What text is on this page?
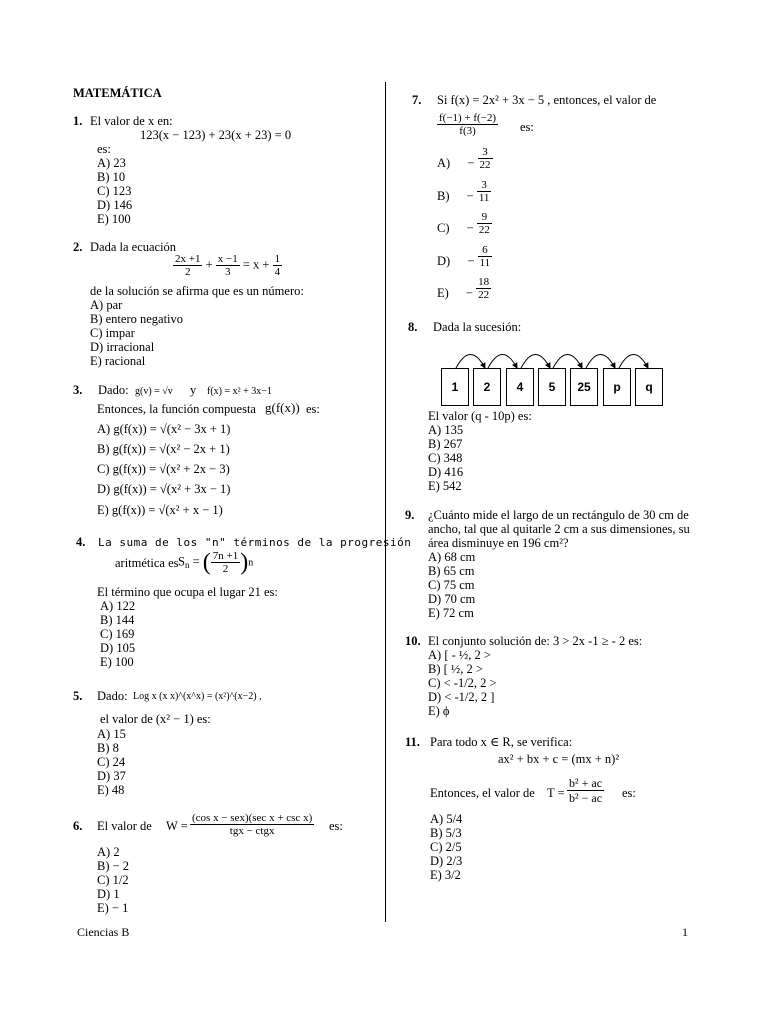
MATEMÁTICA
1. El valor de x en:
123(x − 123) + 23(x + 23) = 0
es:
A) 23
B) 10
C) 123
D) 146
E) 100
2. Dada la ecuación
$\frac{2x +1}{2} + \frac{x -1}{3} = x + \frac{1}{4}$
de la solución se afirma que es un número:
A) par
B) entero negativo
C) impar
D) irracional
E) racional
3. Dado: g(v) = √v y f(x) = x² + 3x−1
Entonces, la función compuesta g(f(x)) es:
A) g(f(x)) = √(x² − 3x + 1)
B) g(f(x)) = √(x² − 2x + 1)
C) g(f(x)) = √(x² + 2x − 3)
D) g(f(x)) = √(x² + 3x − 1)
E) g(f(x)) = √(x² + x − 1)
4. La suma de los "n" términos de la progresión
aritmética es $S_n$ = ( $\frac{7n +1}{2} )n$
El término que ocupa el lugar 21 es:
A) 122
B) 144
C) 169
D) 105
E) 100
5. Dado: Log x (x x)^(x^x) = (x²)^(x−2) ,
el valor de (x² − 1) es:
A) 15
B) 8
C) 24
D) 37
E) 48
6. El valor de $W = \frac{\text{(cos x − sex)(sec x + csc x)}}{\text{tgx − ctgx}}$ es:
A) 2
B) − 2
C) 1/2
D) 1
E) − 1
7. Si f(x) = 2x² + 3x − 5 , entonces, el valor de
$\frac{f(-1) + f(-2)}{f(3)}$ es:
$A) - \frac{3}{22}$
$B) - \frac{3}{11}$
$C) - \frac{9}{22}$
$D) - \frac{6}{11}$
$E) - \frac{18}{22}$
8. Dada la sucesión:
1	2	4	5	25	p	q
El valor (q - 10p) es:
A) 135
B) 267
C) 348
D) 416
E) 542
9. ¿Cuánto mide el largo de un rectángulo de 30 cm de
ancho, tal que al quitarle 2 cm a sus dimensiones, su
área disminuye en 196 cm²?
A) 68 cm
B) 65 cm
C) 75 cm
D) 70 cm
E) 72 cm
10. El conjunto solución de: 3 > 2x -1 ≥ - 2 es:
A) [ - ½, 2 >
B) [ ½, 2 >
C) < -1/2, 2 >
D) < -1/2, 2 ]
E) ϕ
11. Para todo x ∈ R, se verifica:
ax² + bx + c = (mx + n)²
Entonces, el valor de $T = \frac{\text{b² + ac}}{\text{b² − ac}}$ es:
A) 5/4
B) 5/3
C) 2/5
D) 2/3
E) 3/2
Ciencias B	1
